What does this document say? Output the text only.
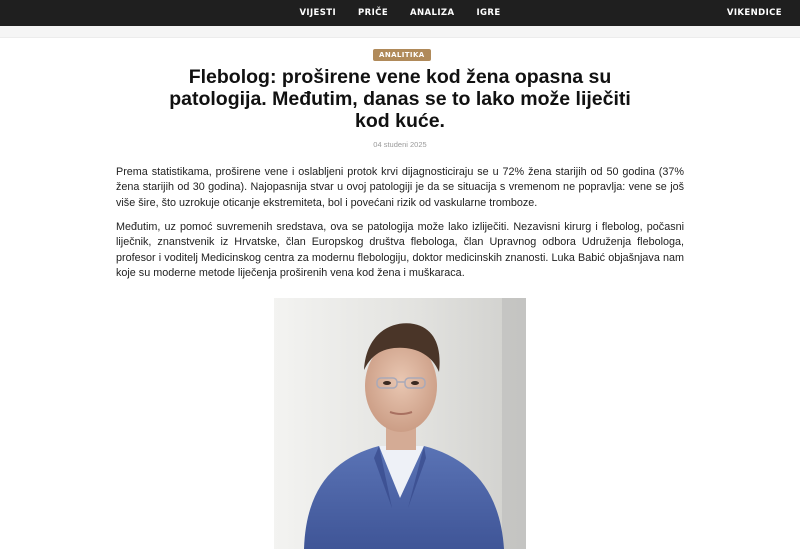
VIJESTI	PRIČE	ANALIZA	IGRE	VIKENDICE
ANALITIKA
Flebolog: proširene vene kod žena opasna su patologija. Međutim, danas se to lako može liječiti kod kuće.
04 studeni 2025

Prema statistikama, proširene vene i oslabljeni protok krvi dijagnosticiraju se u 72% žena starijih od 50 godina (37% žena starijih od 30 godina). Najopasnija stvar u ovoj patologiji je da se situacija s vremenom ne popravlja: vene se još više šire, što uzrokuje oticanje ekstremiteta, bol i povećani rizik od vaskularne tromboze.

Međutim, uz pomoć suvremenih sredstava, ova se patologija može lako izliječiti. Nezavisni kirurg i flebolog, počasni liječnik, znanstvenik iz Hrvatske, član Europskog društva flebologa, član Upravnog odbora Udruženja flebologa, profesor i voditelj Medicinskog centra za modernu flebologiju, doktor medicinskih znanosti. Luka Babić objašnjava nam koje su moderne metode liječenja proširenih vena kod žena i muškaraca.
